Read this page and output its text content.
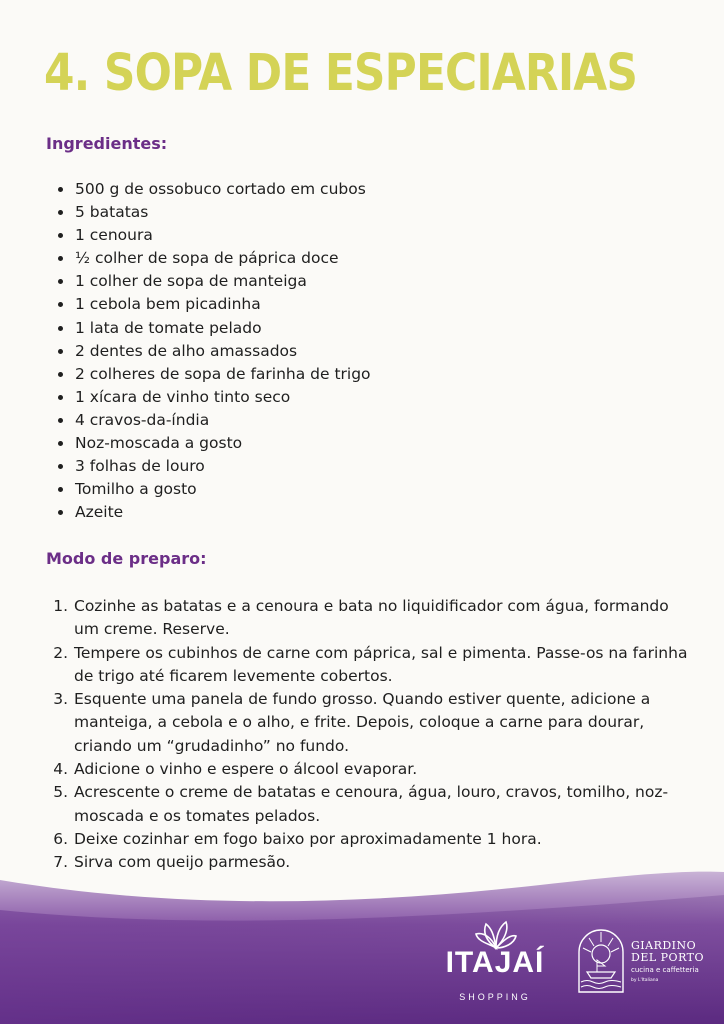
4. SOPA DE ESPECIARIAS
Ingredientes:
• 500 g de ossobuco cortado em cubos
• 5 batatas
• 1 cenoura
• ½ colher de sopa de páprica doce
• 1 colher de sopa de manteiga
• 1 cebola bem picadinha
• 1 lata de tomate pelado
• 2 dentes de alho amassados
• 2 colheres de sopa de farinha de trigo
• 1 xícara de vinho tinto seco
• 4 cravos-da-índia
• Noz-moscada a gosto
• 3 folhas de louro
• Tomilho a gosto
• Azeite
Modo de preparo:
1. Cozinhe as batatas e a cenoura e bata no liquidificador com água, formando um creme. Reserve.
2. Tempere os cubinhos de carne com páprica, sal e pimenta. Passe-os na farinha de trigo até ficarem levemente cobertos.
3. Esquente uma panela de fundo grosso. Quando estiver quente, adicione a manteiga, a cebola e o alho, e frite. Depois, coloque a carne para dourar, criando um “grudadinho” no fundo.
4. Adicione o vinho e espere o álcool evaporar.
5. Acrescente o creme de batatas e cenoura, água, louro, cravos, tomilho, noz-moscada e os tomates pelados.
6. Deixe cozinhar em fogo baixo por aproximadamente 1 hora.
7. Sirva com queijo parmesão.
ITAJAÍ
SHOPPING
GIARDINO
DEL PORTO
cucina e caffetteria
by L'Italiana
